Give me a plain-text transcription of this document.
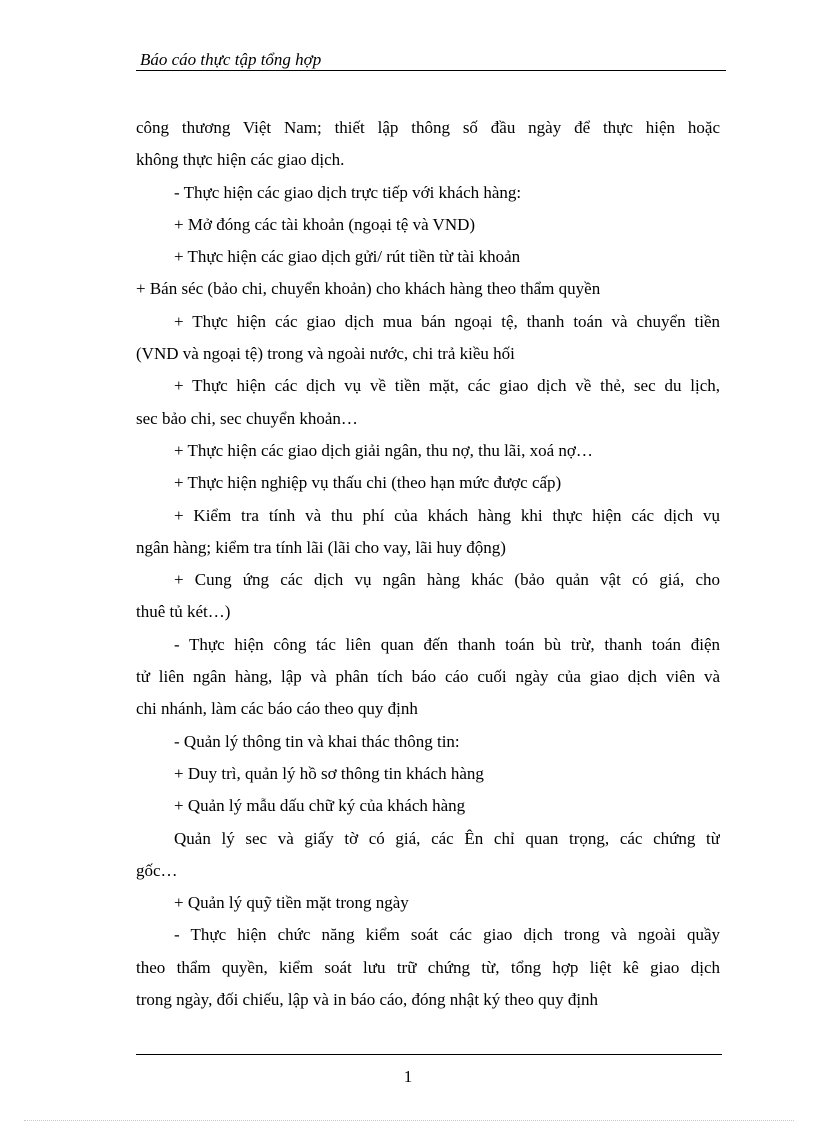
Báo cáo thực tập tổng hợp
công thương Việt Nam; thiết lập thông số đầu ngày để thực hiện hoặc
không thực hiện các giao dịch.
- Thực hiện các giao dịch trực tiếp với khách hàng:
+ Mở đóng các tài khoản (ngoại tệ và VND)
+ Thực hiện các giao dịch gửi/ rút tiền từ tài khoản
+ Bán séc (bảo chi, chuyển khoản) cho khách hàng theo thẩm quyền
+ Thực hiện các giao dịch mua bán ngoại tệ, thanh toán và chuyển tiền
(VND và ngoại tệ) trong và ngoài nước, chi trả kiều hối
+ Thực hiện các dịch vụ về tiền mặt, các giao dịch về thẻ, sec du lịch,
sec bảo chi, sec chuyển khoản…
+ Thực hiện các giao dịch giải ngân, thu nợ, thu lãi, xoá nợ…
+ Thực hiện nghiệp vụ thấu chi (theo hạn mức được cấp)
+ Kiểm tra tính và thu phí của khách hàng khi thực hiện các dịch vụ
ngân hàng; kiểm tra tính lãi (lãi cho vay, lãi huy động)
+ Cung ứng các dịch vụ ngân hàng khác (bảo quản vật có giá, cho
thuê tủ két…)
- Thực hiện công tác liên quan đến thanh toán bù trừ, thanh toán điện
tử liên ngân hàng, lập và phân tích báo cáo cuối ngày của giao dịch viên và
chi nhánh, làm các báo cáo theo quy định
- Quản lý thông tin và khai thác thông tin:
+ Duy trì, quản lý hồ sơ thông tin khách hàng
+ Quản lý mẫu dấu chữ ký của khách hàng
Quản lý sec và giấy tờ có giá, các Ên chỉ quan trọng, các chứng từ
gốc…
+ Quản lý quỹ tiền mặt trong ngày
- Thực hiện chức năng kiểm soát các giao dịch trong và ngoài quầy
theo thẩm quyền, kiểm soát lưu trữ chứng từ, tổng hợp liệt kê giao dịch
trong ngày, đối chiếu, lập và in báo cáo, đóng nhật ký theo quy định
1
